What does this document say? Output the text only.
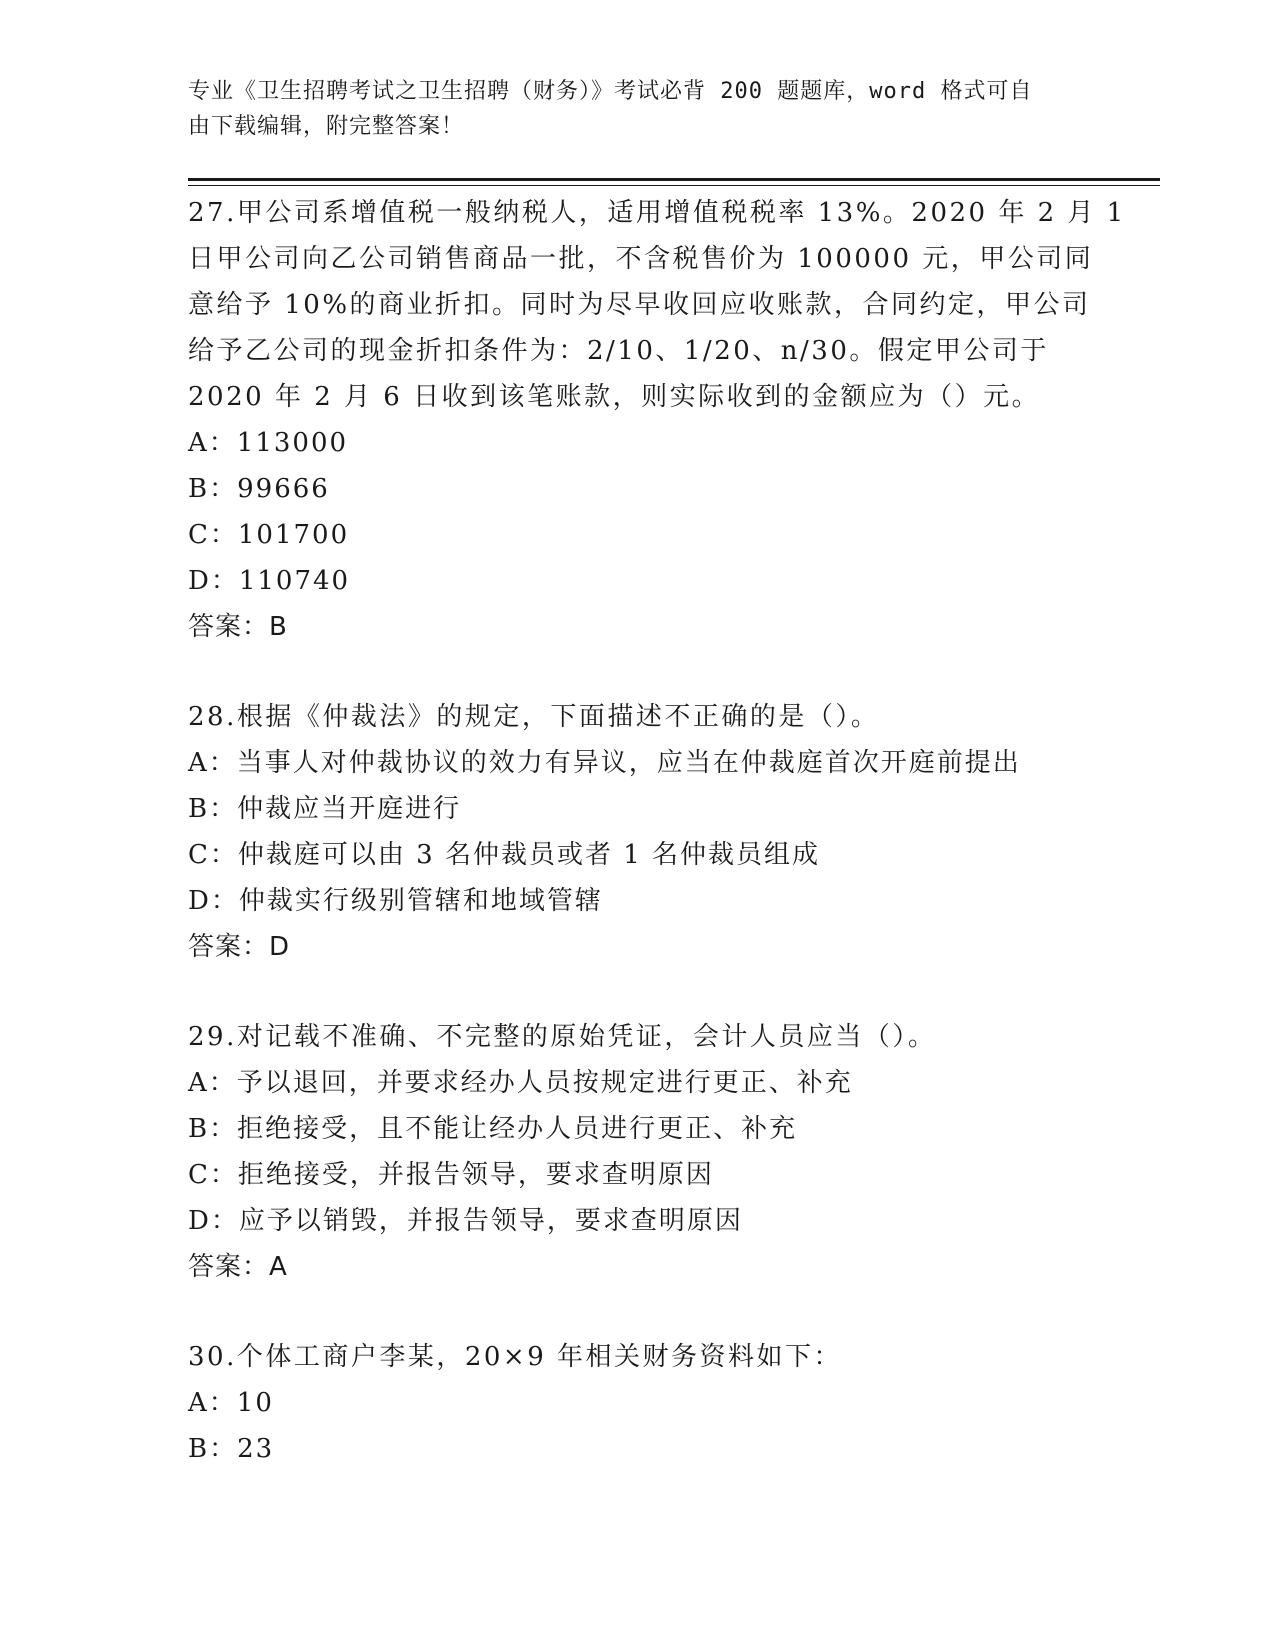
专业《卫生招聘考试之卫生招聘（财务）》考试必背 200 题题库，word 格式可自
由下载编辑，附完整答案！
27.甲公司系增值税一般纳税人，适用增值税税率 13%。2020 年 2 月 1
日甲公司向乙公司销售商品一批，不含税售价为 100000 元，甲公司同
意给予 10%的商业折扣。同时为尽早收回应收账款，合同约定，甲公司
给予乙公司的现金折扣条件为：2/10、1/20、n/30。假定甲公司于
2020 年 2 月 6 日收到该笔账款，则实际收到的金额应为（）元。
A：113000
B：99666
C：101700
D：110740
答案：B
28.根据《仲裁法》的规定，下面描述不正确的是（）。
A：当事人对仲裁协议的效力有异议，应当在仲裁庭首次开庭前提出
B：仲裁应当开庭进行
C：仲裁庭可以由 3 名仲裁员或者 1 名仲裁员组成
D：仲裁实行级别管辖和地域管辖
答案：D
29.对记载不准确、不完整的原始凭证，会计人员应当（）。
A：予以退回，并要求经办人员按规定进行更正、补充
B：拒绝接受，且不能让经办人员进行更正、补充
C：拒绝接受，并报告领导，要求查明原因
D：应予以销毁，并报告领导，要求查明原因
答案：A
30.个体工商户李某，20×9 年相关财务资料如下：
A：10
B：23
